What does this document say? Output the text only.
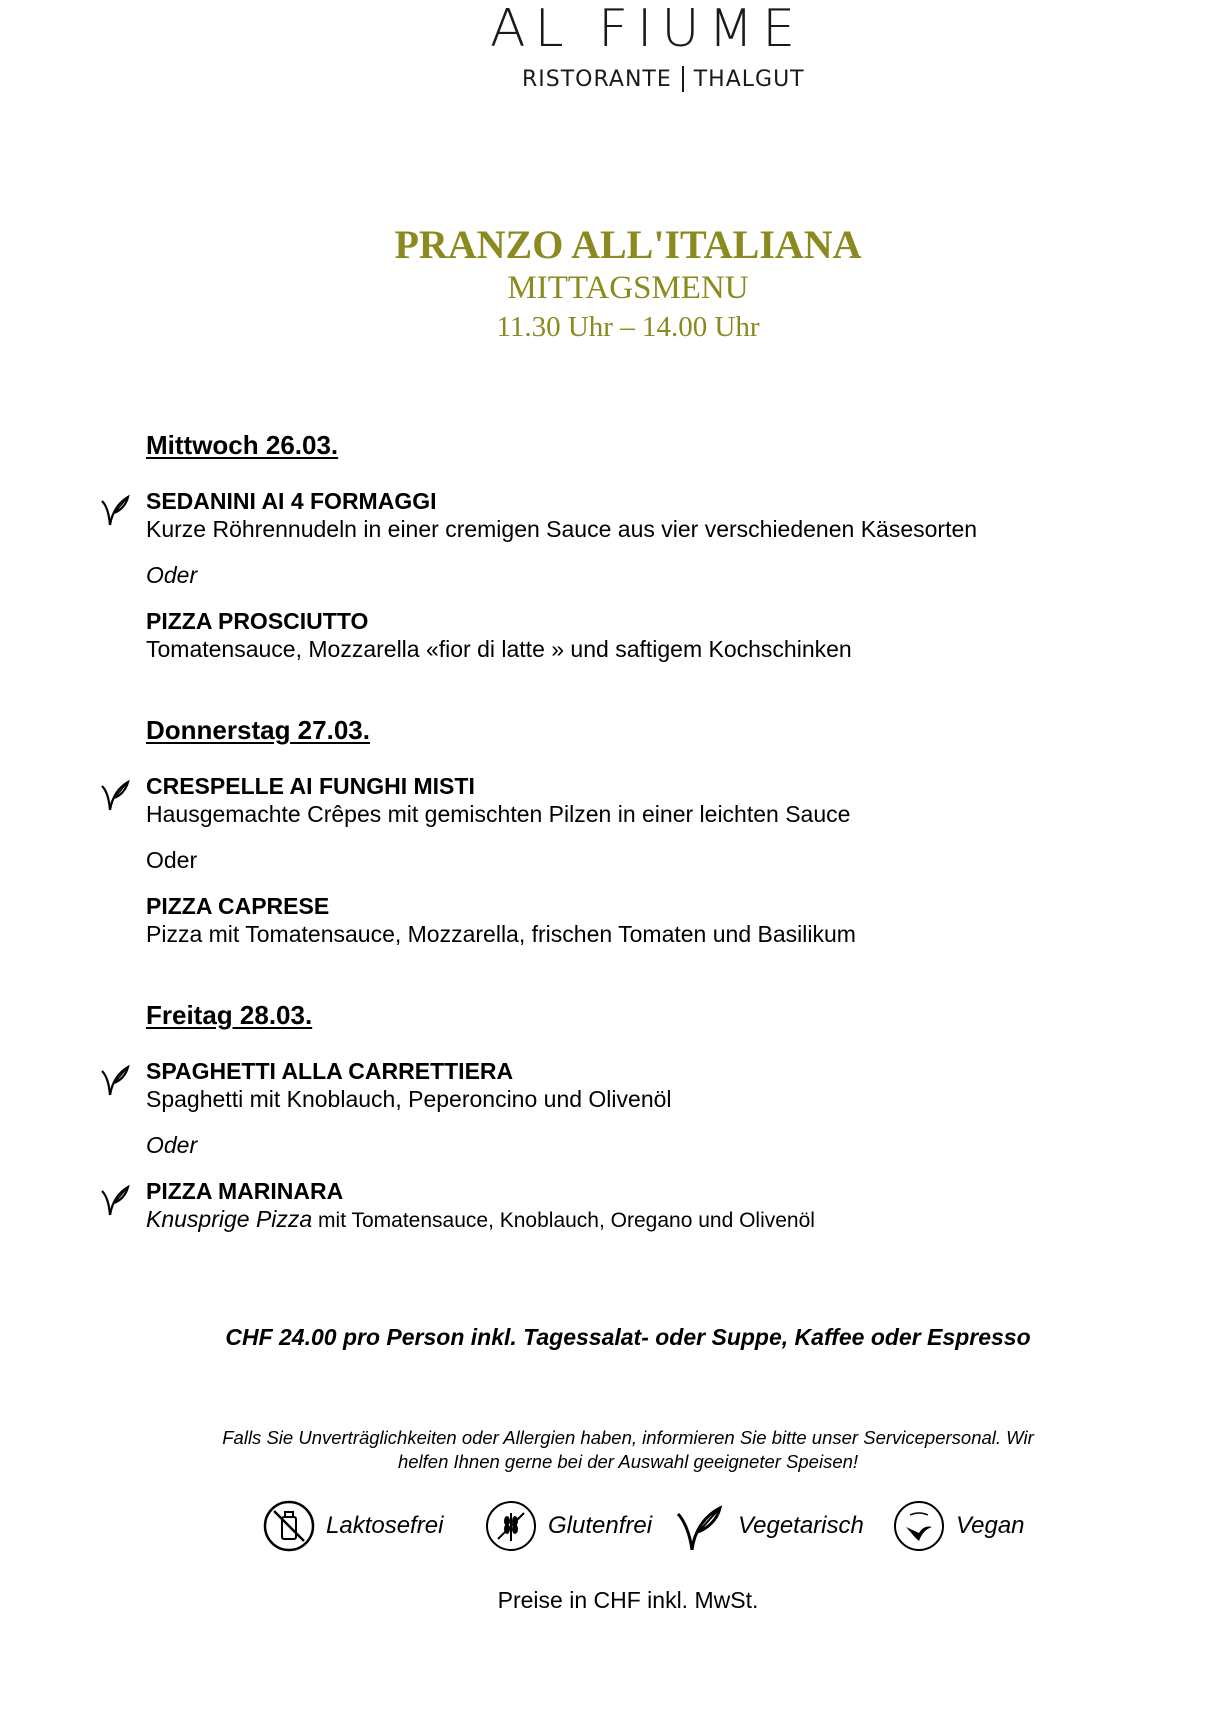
AL FIUME
RISTORANTE THALGUT
PRANZO ALL'ITALIANA
MITTAGSMENU
11.30 Uhr – 14.00 Uhr
Mittwoch 26.03.
SEDANINI AI 4 FORMAGGI
Kurze Röhrennudeln in einer cremigen Sauce aus vier verschiedenen Käsesorten
Oder
PIZZA PROSCIUTTO
Tomatensauce, Mozzarella «fior di latte » und saftigem Kochschinken
Donnerstag 27.03.
CRESPELLE AI FUNGHI MISTI
Hausgemachte Crêpes mit gemischten Pilzen in einer leichten Sauce
Oder
PIZZA CAPRESE
Pizza mit Tomatensauce, Mozzarella, frischen Tomaten und Basilikum
Freitag 28.03.
SPAGHETTI ALLA CARRETTIERA
Spaghetti mit Knoblauch, Peperoncino und Olivenöl
Oder
PIZZA MARINARA
Knusprige Pizza mit Tomatensauce, Knoblauch, Oregano und Olivenöl
CHF 24.00 pro Person inkl. Tagessalat- oder Suppe, Kaffee oder Espresso
Falls Sie Unverträglichkeiten oder Allergien haben, informieren Sie bitte unser Servicepersonal. Wir
helfen Ihnen gerne bei der Auswahl geeigneter Speisen!
Laktosefrei	Glutenfrei	Vegetarisch	Vegan
Preise in CHF inkl. MwSt.
